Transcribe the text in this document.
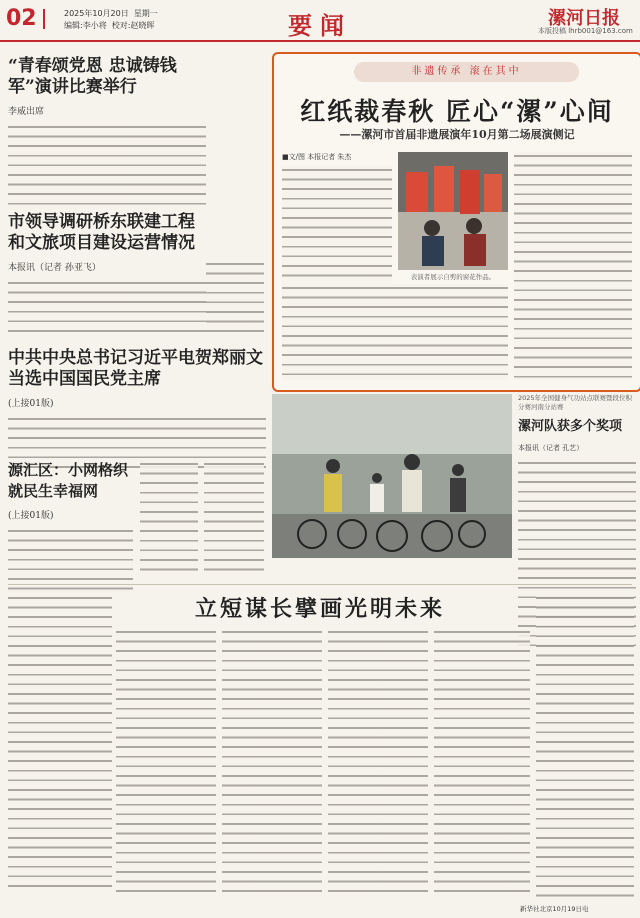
02	2025年10月20日 星期一
编辑:李小将 校对:赵晓晖	要闻	漯河日报
本版投稿 lhrb001@163.com
“青春颂党恩 忠诚铸钱军”演讲比赛举行
李威出席
市领导调研桥东联建工程和文旅项目建设运营情况
本报讯（记者 孙亚飞）
中共中央总书记习近平电贺郑丽文当选中国国民党主席
(上接01版)
源汇区：小网格织就民生幸福网
(上接01版)
非遗传承 滚在其中
红纸裁春秋 匠心“漯”心间
——漯河市首届非遗展演年10月第二场展演侧记
■文/图 本报记者 朱杰
表演者展示自剪的窗花作品。
2025年全国健身气功站点联赛暨段位积分赛河南分站赛
漯河队获多个奖项
本报讯（记者 孔艺）
立短谋长擘画光明未来
新华社北京10月19日电
